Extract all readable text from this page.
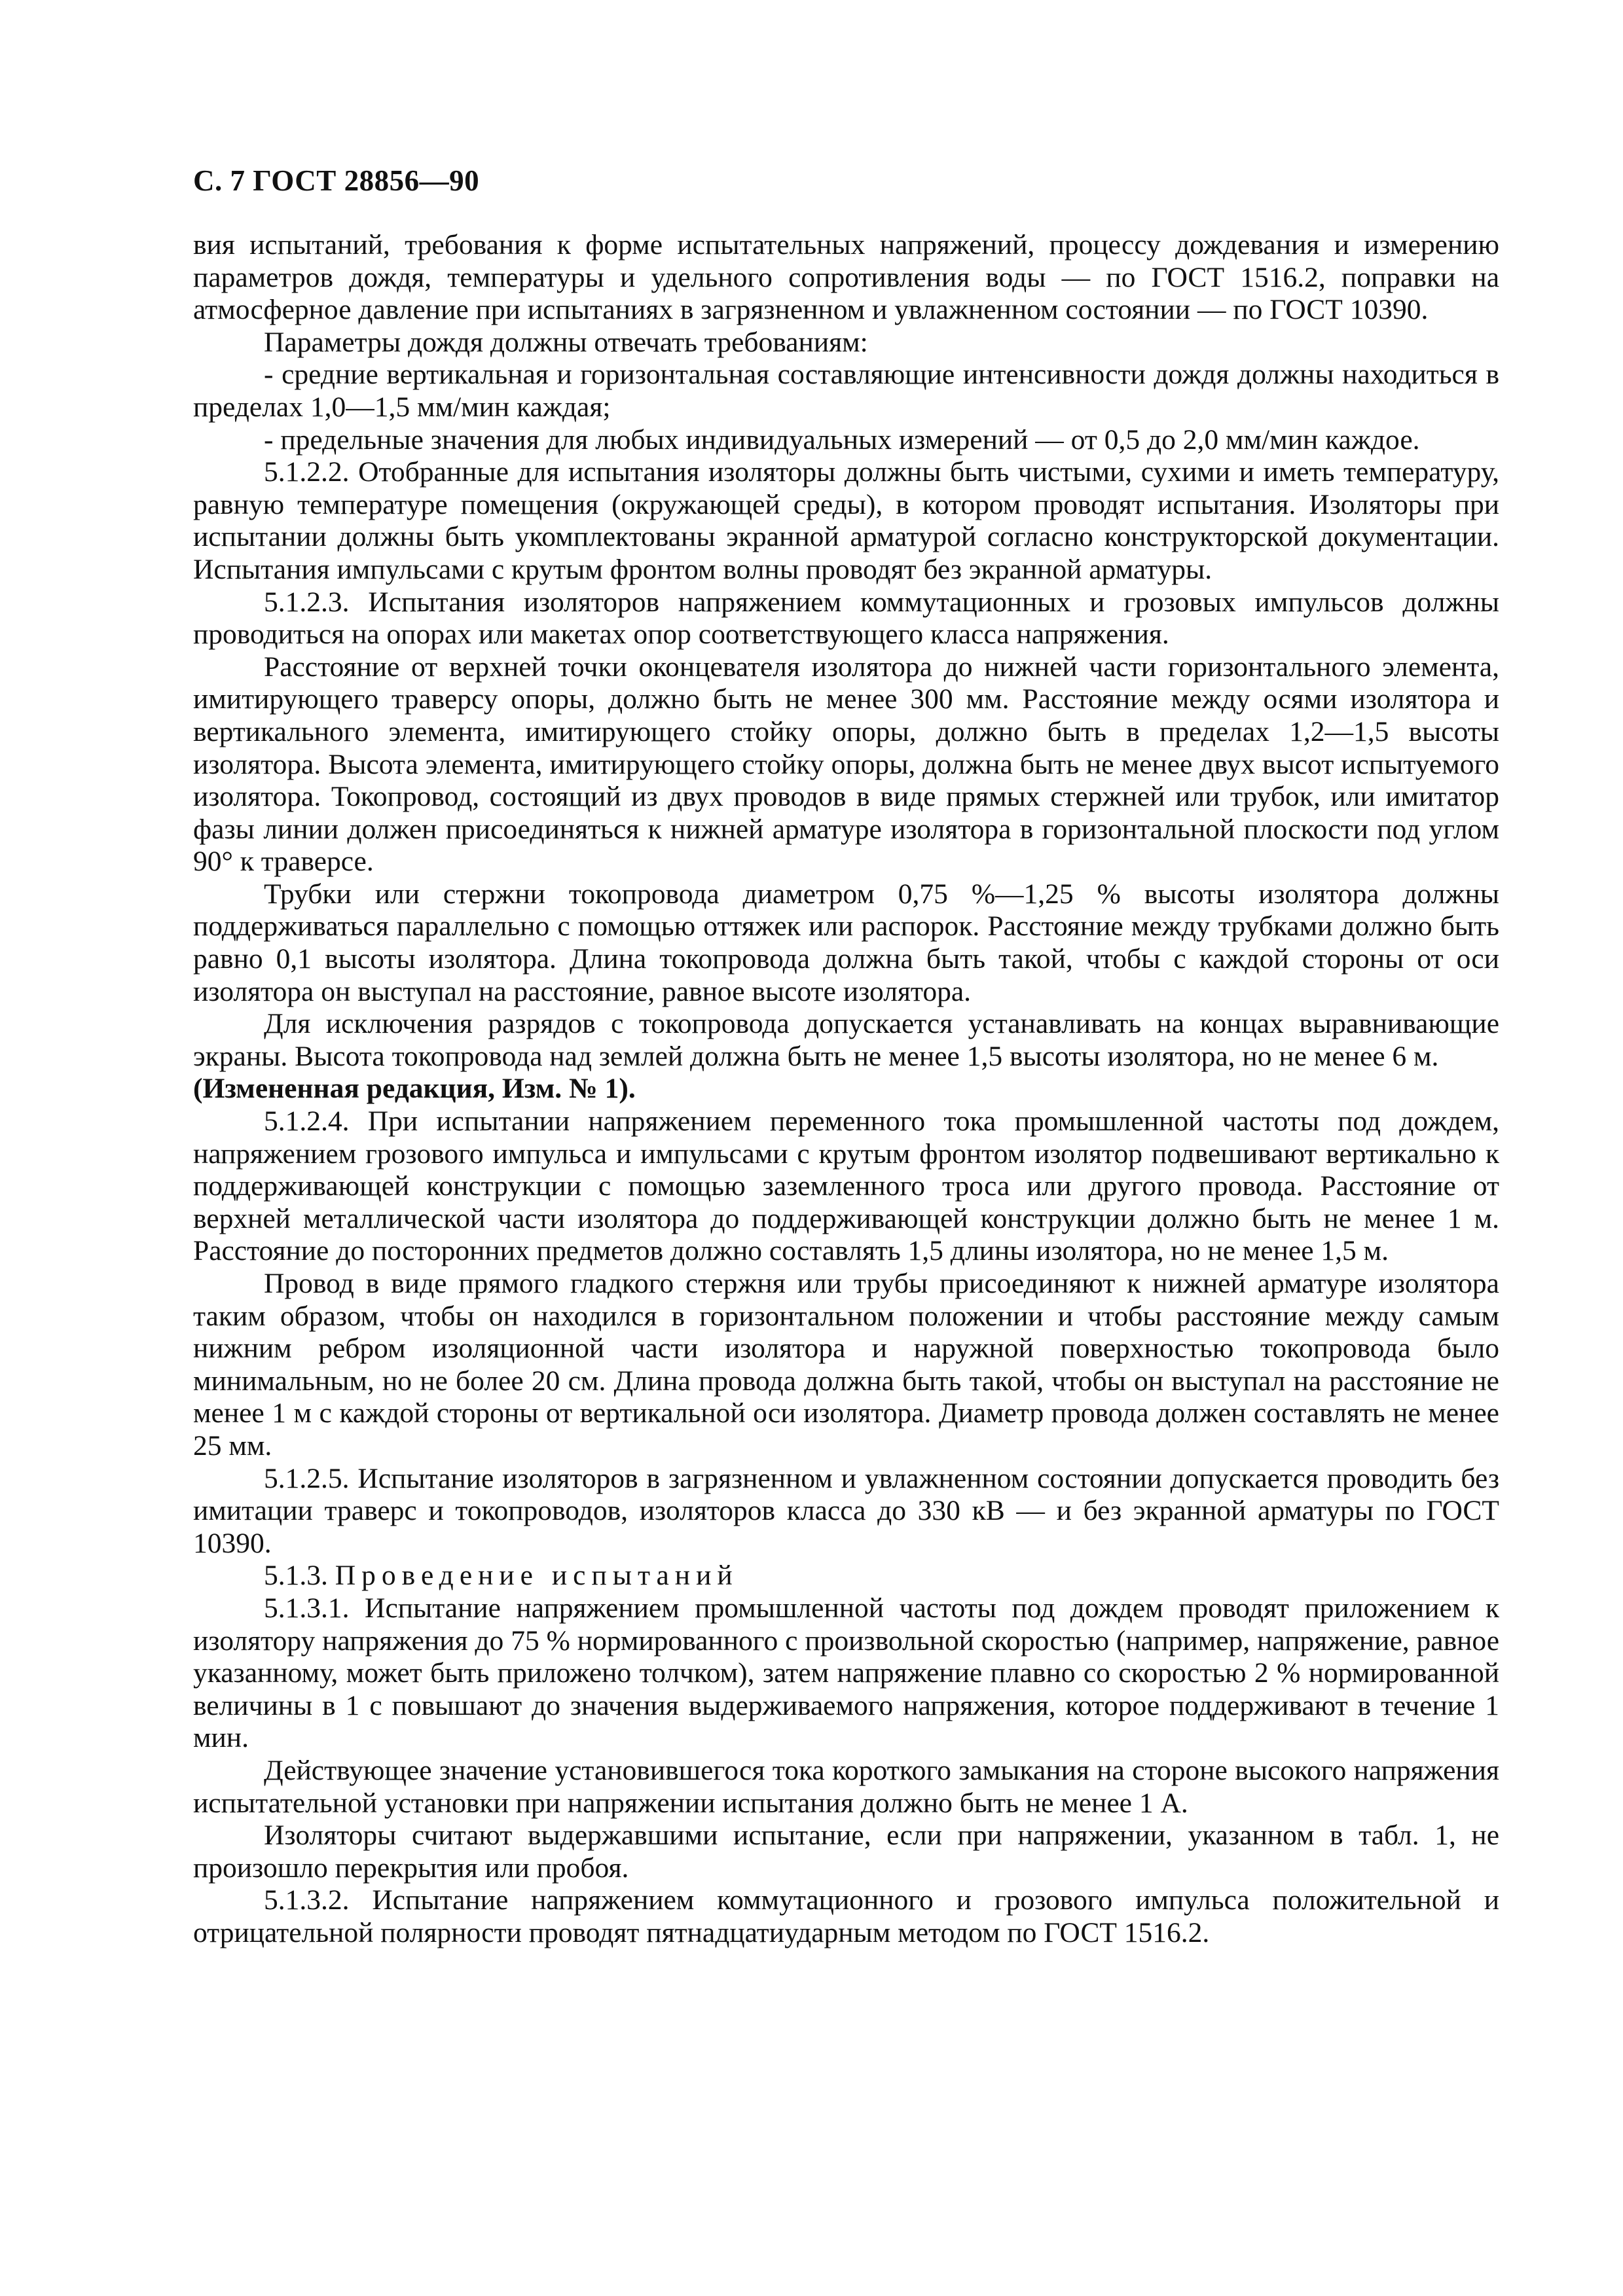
С. 7 ГОСТ 28856—90

вия испытаний, требования к форме испытательных напряжений, процессу дождевания и измерению параметров дождя, температуры и удельного сопротивления воды — по ГОСТ 1516.2, поправки на атмосферное давление при испытаниях в загрязненном и увлажненном состоянии — по ГОСТ 10390.

Параметры дождя должны отвечать требованиям:

- средние вертикальная и горизонтальная составляющие интенсивности дождя должны находиться в пределах 1,0—1,5 мм/мин каждая;

- предельные значения для любых индивидуальных измерений — от 0,5 до 2,0 мм/мин каждое.

5.1.2.2. Отобранные для испытания изоляторы должны быть чистыми, сухими и иметь температуру, равную температуре помещения (окружающей среды), в котором проводят испытания. Изоляторы при испытании должны быть укомплектованы экранной арматурой согласно конструкторской документации. Испытания импульсами с крутым фронтом волны проводят без экранной арматуры.

5.1.2.3. Испытания изоляторов напряжением коммутационных и грозовых импульсов должны проводиться на опорах или макетах опор соответствующего класса напряжения.

Расстояние от верхней точки оконцевателя изолятора до нижней части горизонтального элемента, имитирующего траверсу опоры, должно быть не менее 300 мм. Расстояние между осями изолятора и вертикального элемента, имитирующего стойку опоры, должно быть в пределах 1,2—1,5 высоты изолятора. Высота элемента, имитирующего стойку опоры, должна быть не менее двух высот испытуемого изолятора. Токопровод, состоящий из двух проводов в виде прямых стержней или трубок, или имитатор фазы линии должен присоединяться к нижней арматуре изолятора в горизонтальной плоскости под углом 90° к траверсе.

Трубки или стержни токопровода диаметром 0,75 %—1,25 % высоты изолятора должны поддерживаться параллельно с помощью оттяжек или распорок. Расстояние между трубками должно быть равно 0,1 высоты изолятора. Длина токопровода должна быть такой, чтобы с каждой стороны от оси изолятора он выступал на расстояние, равное высоте изолятора.

Для исключения разрядов с токопровода допускается устанавливать на концах выравнивающие экраны. Высота токопровода над землей должна быть не менее 1,5 высоты изолятора, но не менее 6 м.

(Измененная редакция, Изм. № 1).

5.1.2.4. При испытании напряжением переменного тока промышленной частоты под дождем, напряжением грозового импульса и импульсами с крутым фронтом изолятор подвешивают вертикально к поддерживающей конструкции с помощью заземленного троса или другого провода. Расстояние от верхней металлической части изолятора до поддерживающей конструкции должно быть не менее 1 м. Расстояние до посторонних предметов должно составлять 1,5 длины изолятора, но не менее 1,5 м.

Провод в виде прямого гладкого стержня или трубы присоединяют к нижней арматуре изолятора таким образом, чтобы он находился в горизонтальном положении и чтобы расстояние между самым нижним ребром изоляционной части изолятора и наружной поверхностью токопровода было минимальным, но не более 20 см. Длина провода должна быть такой, чтобы он выступал на расстояние не менее 1 м с каждой стороны от вертикальной оси изолятора. Диаметр провода должен составлять не менее 25 мм.

5.1.2.5. Испытание изоляторов в загрязненном и увлажненном состоянии допускается проводить без имитации траверс и токопроводов, изоляторов класса до 330 кВ — и без экранной арматуры по ГОСТ 10390.

5.1.3. Проведение испытаний

5.1.3.1. Испытание напряжением промышленной частоты под дождем проводят приложением к изолятору напряжения до 75 % нормированного с произвольной скоростью (например, напряжение, равное указанному, может быть приложено толчком), затем напряжение плавно со скоростью 2 % нормированной величины в 1 с повышают до значения выдерживаемого напряжения, которое поддерживают в течение 1 мин.

Действующее значение установившегося тока короткого замыкания на стороне высокого напряжения испытательной установки при напряжении испытания должно быть не менее 1 А.

Изоляторы считают выдержавшими испытание, если при напряжении, указанном в табл. 1, не произошло перекрытия или пробоя.

5.1.3.2. Испытание напряжением коммутационного и грозового импульса положительной и отрицательной полярности проводят пятнадцатиударным методом по ГОСТ 1516.2.
